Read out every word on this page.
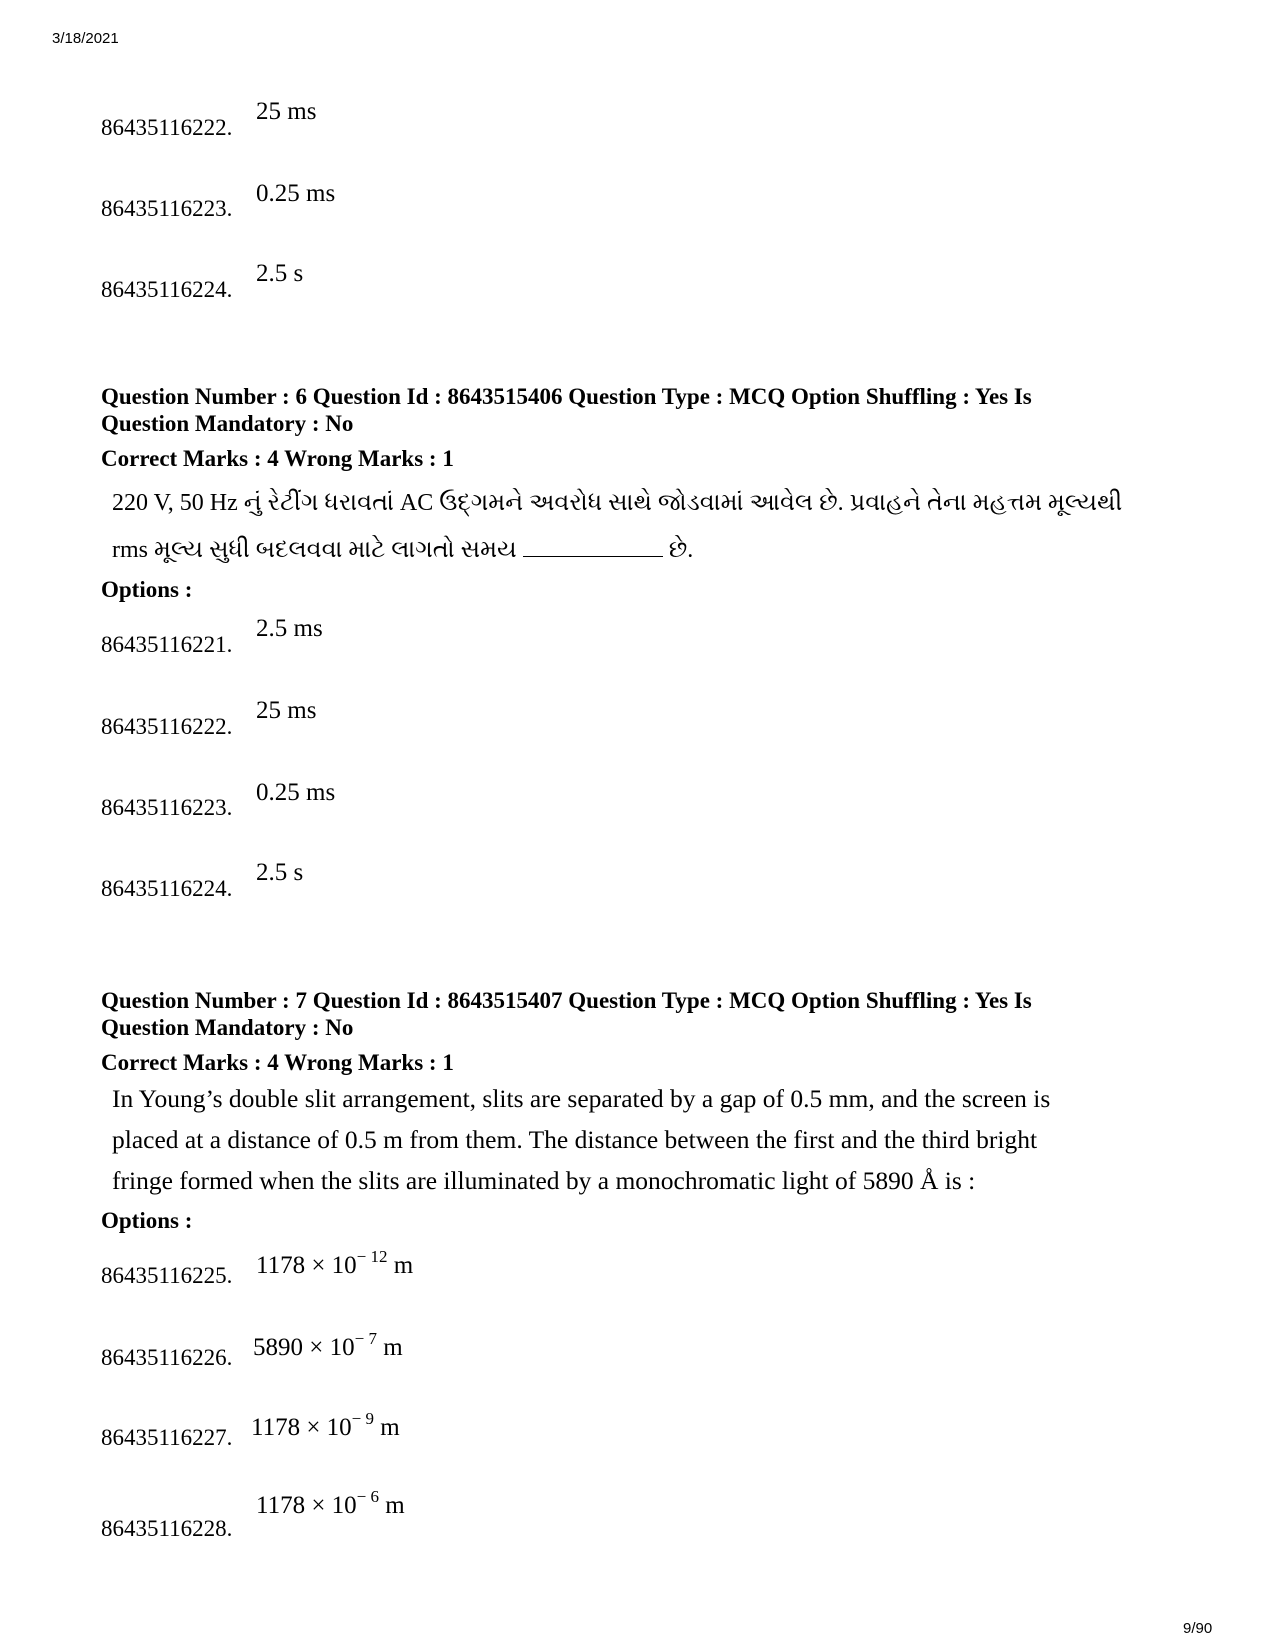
3/18/2021
86435116222.
25 ms
86435116223.
0.25 ms
86435116224.
2.5 s
Question Number : 6 Question Id : 8643515406 Question Type : MCQ Option Shuffling : Yes Is
Question Mandatory : No
Correct Marks : 4 Wrong Marks : 1
220 V, 50 Hz નું રેટીંગ ધરાવતાં AC ઉદ્ગમને અવરોધ સાથે જોડવામાં આવેલ છે. પ્રવાહને તેના મહત્તમ મૂલ્યથી
rms મૂલ્ય સુધી બદલવવા માટે લાગતો સમય	છે.
Options :
86435116221.
2.5 ms
86435116222.
25 ms
86435116223.
0.25 ms
86435116224.
2.5 s
Question Number : 7 Question Id : 8643515407 Question Type : MCQ Option Shuffling : Yes Is
Question Mandatory : No
Correct Marks : 4 Wrong Marks : 1
In Young’s double slit arrangement, slits are separated by a gap of 0.5 mm, and the screen is
placed at a distance of 0.5 m from them. The distance between the first and the third bright
fringe formed when the slits are illuminated by a monochromatic light of 5890 Å is :
Options :
86435116225. $1178 \times 10^{- 12}$ m
86435116226. $5890 \times 10^{- 7}$ m
86435116227. $1178 \times 10^{- 9}$ m
86435116228.
$1178 \times 10^{- 6}$ m
9/90
